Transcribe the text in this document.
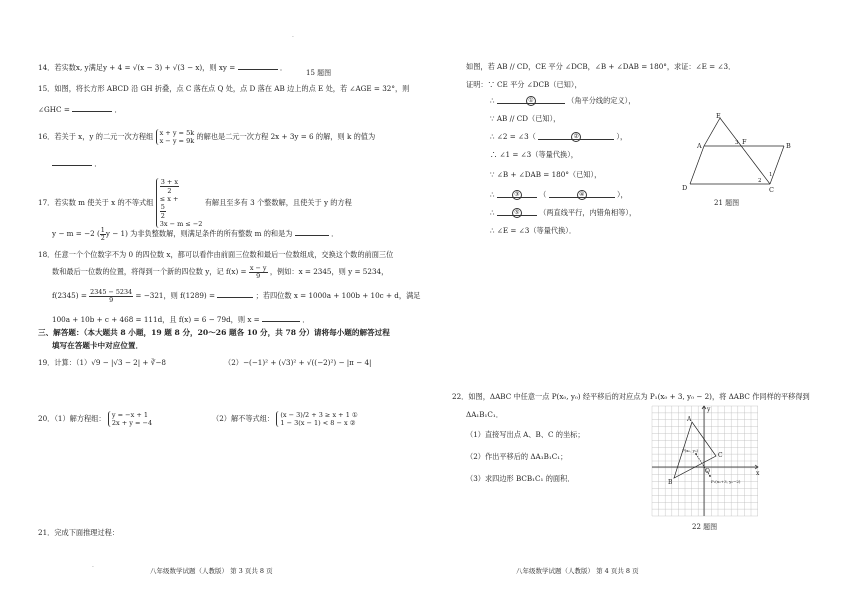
·
14．若实数x, y满足y + 4 = √(x − 3) + √(3 − x)，则 xy =	．
15 题图
15．如图，将长方形 ABCD 沿 GH 折叠，点 C 落在点 Q 处，点 D 落在 AB 边上的点 E 处，若 ∠AGE = 32°，则
∠GHC =	．
16．若关于 x，y 的二元一次方程组 x + y = 5k
x − y = 9k 的解也是二元一次方程 2x + 3y = 6 的解，则 k 的值为
．
17．若实数 m 使关于 x 的不等式组
$\frac{3 + x}{2}$
≤ x +
$\frac{5}{2}$
3x − m ≤ −2
有解且至多有 3 个整数解，且使关于 y 的方程
y − m = −2 ( $\frac{1}{2}$ y − 1) 为非负整数解，则满足条件的所有整数 m 的和是为	．
18．任意一个个位数字不为 0 的四位数 x，都可以看作由前面三位数和最后一位数组成，交换这个数的前面三位
数和最后一位数的位置，将得到一个新的四位数 y，记 $f(x) = \frac{x - y}{9}$ ，例如：x = 2345，则 y = 5234，
$f(2345) = \frac{2345 - 5234}{9} = -321$，则 f(1289) =	；若四位数 x = 1000a + 100b + 10c + d，满足
100a + 10b + c + 468 = 111d，且 f(x) = 6 − 79d，则 x =	．
三、解答题：（本大题共 8 小题，19 题 8 分，20～26 题各 10 分，共 78 分）请将每小题的解答过程
填写在答题卡中对应位置．
19．计算：（1）√9 − |√3 − 2| + ∛−8	（2）−(−1)² + (√3)² + √((−2)²) − |π − 4|
20．（1）解方程组： y = −x + 1
2x + y = −4	（2）解不等式组： (x − 3)/2 + 3 ≥ x + 1 ①
1 − 3(x − 1) < 8 − x ②
21．完成下面推理过程：
·	八年级数学试题（人教版） 第 3 页共 8 页
如图，若 AB // CD，CE 平分 ∠DCB，∠B + ∠DAB = 180°，求证：∠E = ∠3．
证明：∵ CE 平分 ∠DCB（已知），
∴	①	（角平分线的定义），
∵ AB // CD（已知），
∴ ∠2 = ∠3（	②	），
∴ ∠1 = ∠3（等量代换），
∵ ∠B + ∠DAB = 180°（已知），
∴	③	（	④	），
∴	⑤	（两直线平行，内错角相等），
∴ ∠E = ∠3（等量代换）．
E
A	3 F	B
D
2
1
C
21 题图
22．如图，ΔABC 中任意一点 P(x₀, y₀) 经平移后的对应点为 P₁(x₀ + 3, y₀ − 2)，将 ΔABC 作同样的平移得到
ΔA₁B₁C₁．
（1）直接写出点 A、B、C 的坐标；
（2）作出平移后的 ΔA₁B₁C₁；
（3）求四边形 BCB₁C₁ 的面积．
y
x
A
B
C
O
P(x₀, y₀)
P₁(x₀+3, y₀−2)
22 题图
八年级数学试题（人教版） 第 4 页共 8 页
